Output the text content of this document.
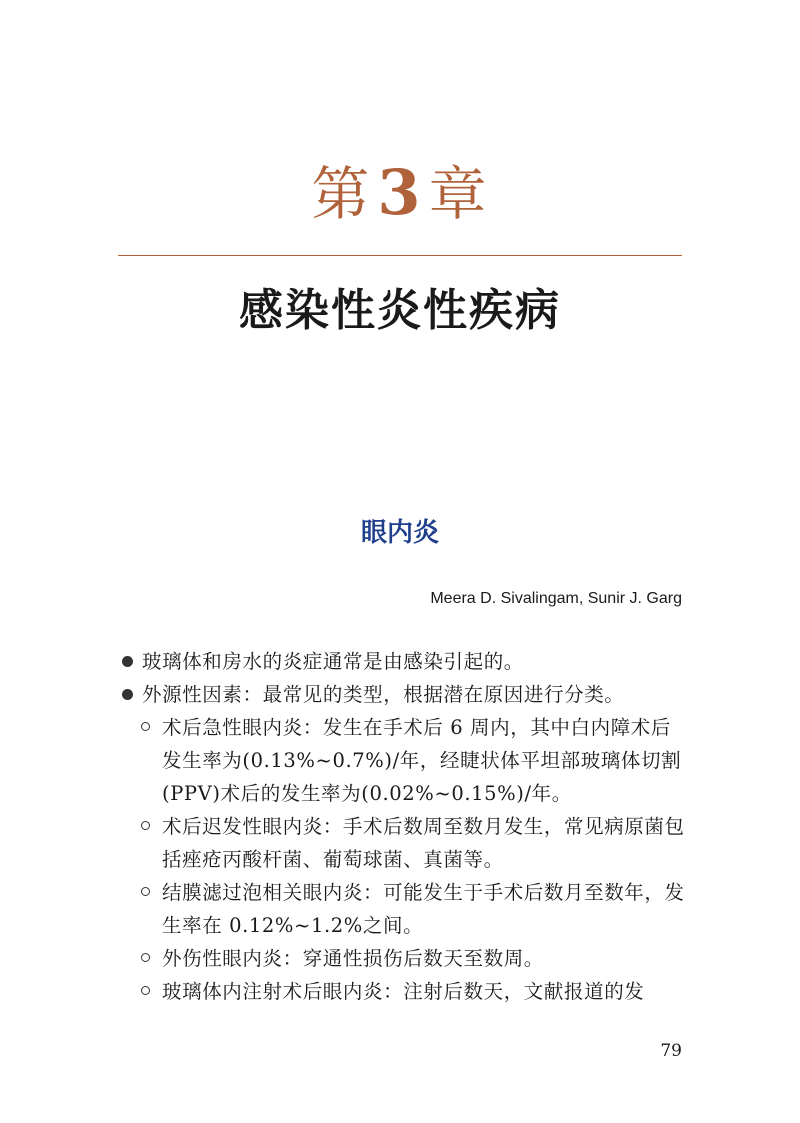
第3 章
感染性炎性疾病
眼内炎
Meera D. Sivalingam, Sunir J. Garg
玻璃体和房水的炎症通常是由感染引起的。
外源性因素：最常见的类型，根据潜在原因进行分类。
术后急性眼内炎：发生在手术后 6 周内，其中白内障术后发生率为(0.13%~0.7%)/年，经睫状体平坦部玻璃体切割(PPV)术后的发生率为(0.02%~0.15%)/年。
术后迟发性眼内炎：手术后数周至数月发生，常见病原菌包括痤疮丙酸杆菌、葡萄球菌、真菌等。
结膜滤过泡相关眼内炎：可能发生于手术后数月至数年，发生率在 0.12%~1.2%之间。
外伤性眼内炎：穿通性损伤后数天至数周。
玻璃体内注射术后眼内炎：注射后数天，文献报道的发
79
